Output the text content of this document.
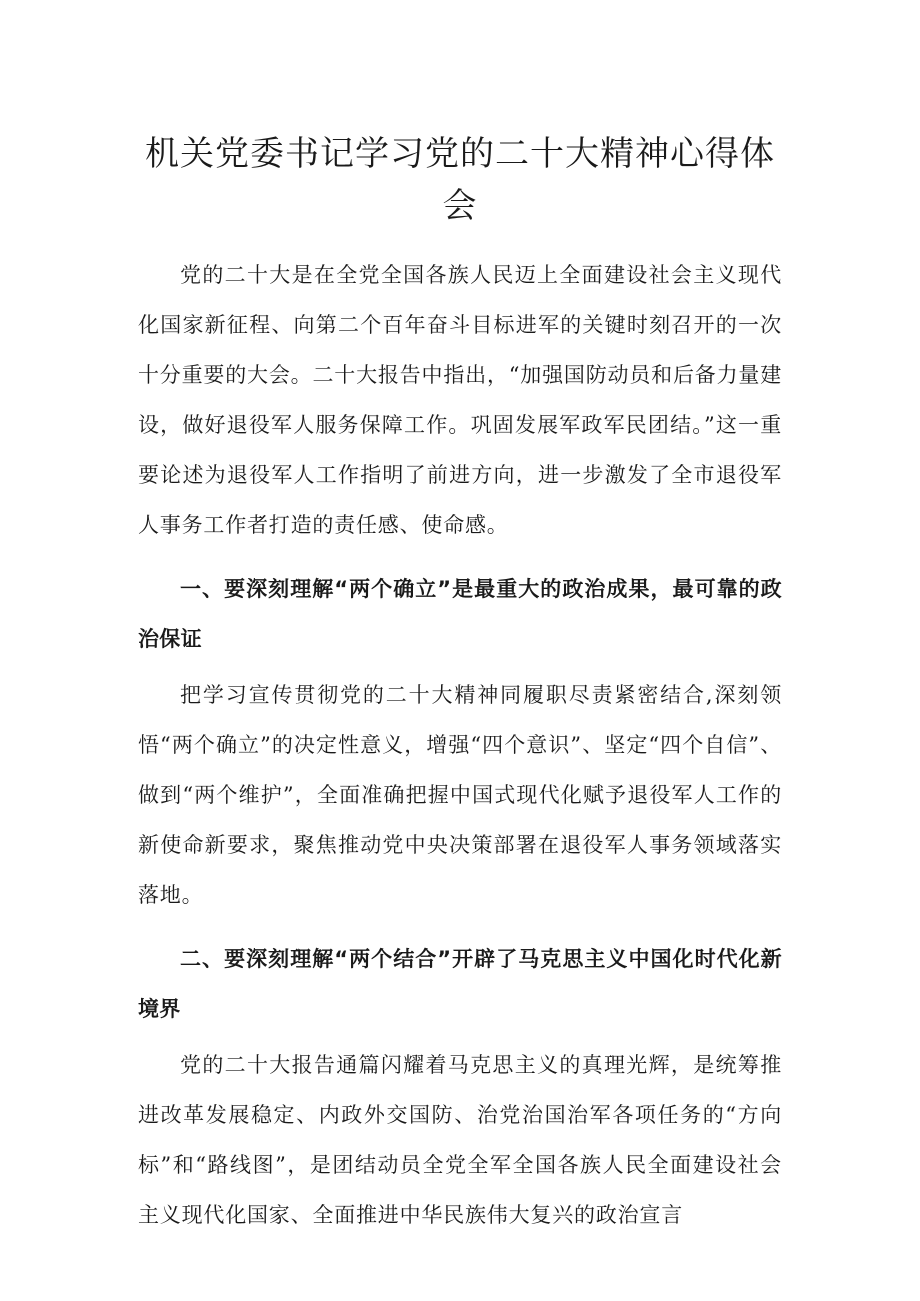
机关党委书记学习党的二十大精神心得体会

党的二十大是在全党全国各族人民迈上全面建设社会主义现代化国家新征程、向第二个百年奋斗目标进军的关键时刻召开的一次十分重要的大会。二十大报告中指出，“加强国防动员和后备力量建设，做好退役军人服务保障工作。巩固发展军政军民团结。”这一重要论述为退役军人工作指明了前进方向，进一步激发了全市退役军人事务工作者打造的责任感、使命感。

一、要深刻理解“两个确立”是最重大的政治成果，最可靠的政治保证

把学习宣传贯彻党的二十大精神同履职尽责紧密结合,深刻领悟“两个确立”的决定性意义，增强“四个意识”、坚定“四个自信”、做到“两个维护”，全面准确把握中国式现代化赋予退役军人工作的新使命新要求，聚焦推动党中央决策部署在退役军人事务领域落实落地。

二、要深刻理解“两个结合”开辟了马克思主义中国化时代化新境界

党的二十大报告通篇闪耀着马克思主义的真理光辉，是统筹推进改革发展稳定、内政外交国防、治党治国治军各项任务的“方向标”和“路线图”，是团结动员全党全军全国各族人民全面建设社会主义现代化国家、全面推进中华民族伟大复兴的政治宣言
